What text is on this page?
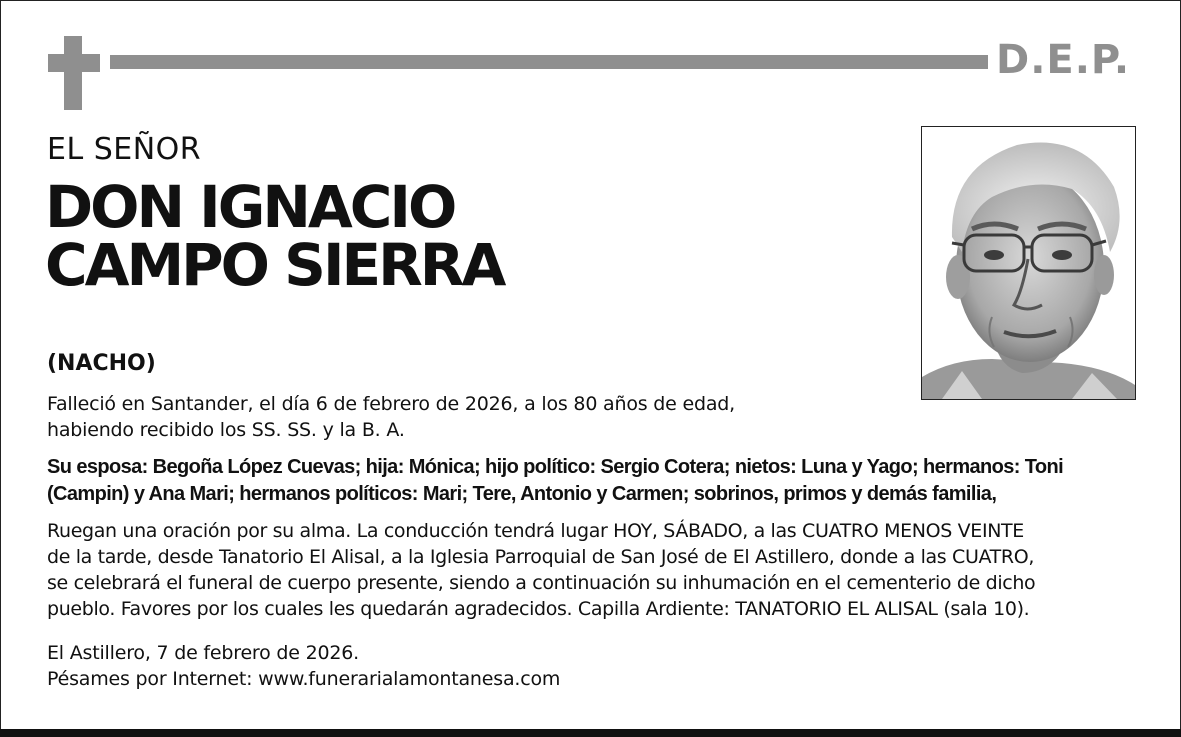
D.E.P.
EL SEÑOR
DON IGNACIO
CAMPO SIERRA
(NACHO)
Falleció en Santander, el día 6 de febrero de 2026, a los 80 años de edad,
habiendo recibido los SS. SS. y la B. A.
Su esposa: Begoña López Cuevas; hija: Mónica; hijo político: Sergio Cotera; nietos: Luna y Yago; hermanos: Toni
(Campin) y Ana Mari; hermanos políticos: Mari; Tere, Antonio y Carmen; sobrinos, primos y demás familia,
Ruegan una oración por su alma. La conducción tendrá lugar HOY, SÁBADO, a las CUATRO MENOS VEINTE
de la tarde, desde Tanatorio El Alisal, a la Iglesia Parroquial de San José de El Astillero, donde a las CUATRO,
se celebrará el funeral de cuerpo presente, siendo a continuación su inhumación en el cementerio de dicho
pueblo. Favores por los cuales les quedarán agradecidos. Capilla Ardiente: TANATORIO EL ALISAL (sala 10).
El Astillero, 7 de febrero de 2026.
Pésames por Internet: www.funerarialamontanesa.com
